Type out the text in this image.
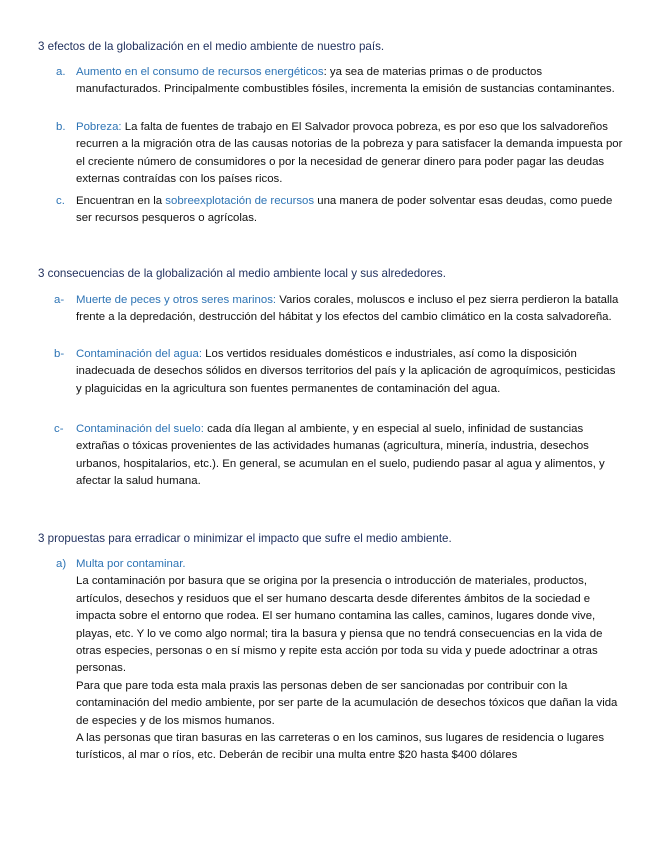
3 efectos de la globalización en el medio ambiente de nuestro país.
a. Aumento en el consumo de recursos energéticos: ya sea de materias primas o de productos manufacturados. Principalmente combustibles fósiles, incrementa la emisión de sustancias contaminantes.
b. Pobreza: La falta de fuentes de trabajo en El Salvador provoca pobreza, es por eso que los salvadoreños recurren a la migración otra de las causas notorias de la pobreza y para satisfacer la demanda impuesta por el creciente número de consumidores o por la necesidad de generar dinero para poder pagar las deudas externas contraídas con los países ricos.
c. Encuentran en la sobreexplotación de recursos una manera de poder solventar esas deudas, como puede ser recursos pesqueros o agrícolas.
3 consecuencias de la globalización al medio ambiente local y sus alrededores.
a- Muerte de peces y otros seres marinos: Varios corales, moluscos e incluso el pez sierra perdieron la batalla frente a la depredación, destrucción del hábitat y los efectos del cambio climático en la costa salvadoreña.
b- Contaminación del agua: Los vertidos residuales domésticos e industriales, así como la disposición inadecuada de desechos sólidos en diversos territorios del país y la aplicación de agroquímicos, pesticidas y plaguicidas en la agricultura son fuentes permanentes de contaminación del agua.
c- Contaminación del suelo: cada día llegan al ambiente, y en especial al suelo, infinidad de sustancias extrañas o tóxicas provenientes de las actividades humanas (agricultura, minería, industria, desechos urbanos, hospitalarios, etc.). En general, se acumulan en el suelo, pudiendo pasar al agua y alimentos, y afectar la salud humana.
3 propuestas para erradicar o minimizar el impacto que sufre el medio ambiente.
a) Multa por contaminar.
La contaminación por basura que se origina por la presencia o introducción de materiales, productos, artículos, desechos y residuos que el ser humano descarta desde diferentes ámbitos de la sociedad e impacta sobre el entorno que rodea. El ser humano contamina las calles, caminos, lugares donde vive, playas, etc. Y lo ve como algo normal; tira la basura y piensa que no tendrá consecuencias en la vida de otras especies, personas o en sí mismo y repite esta acción por toda su vida y puede adoctrinar a otras personas.
Para que pare toda esta mala praxis las personas deben de ser sancionadas por contribuir con la contaminación del medio ambiente, por ser parte de la acumulación de desechos tóxicos que dañan la vida de especies y de los mismos humanos.
A las personas que tiran basuras en las carreteras o en los caminos, sus lugares de residencia o lugares turísticos, al mar o ríos, etc. Deberán de recibir una multa entre $20 hasta $400 dólares
